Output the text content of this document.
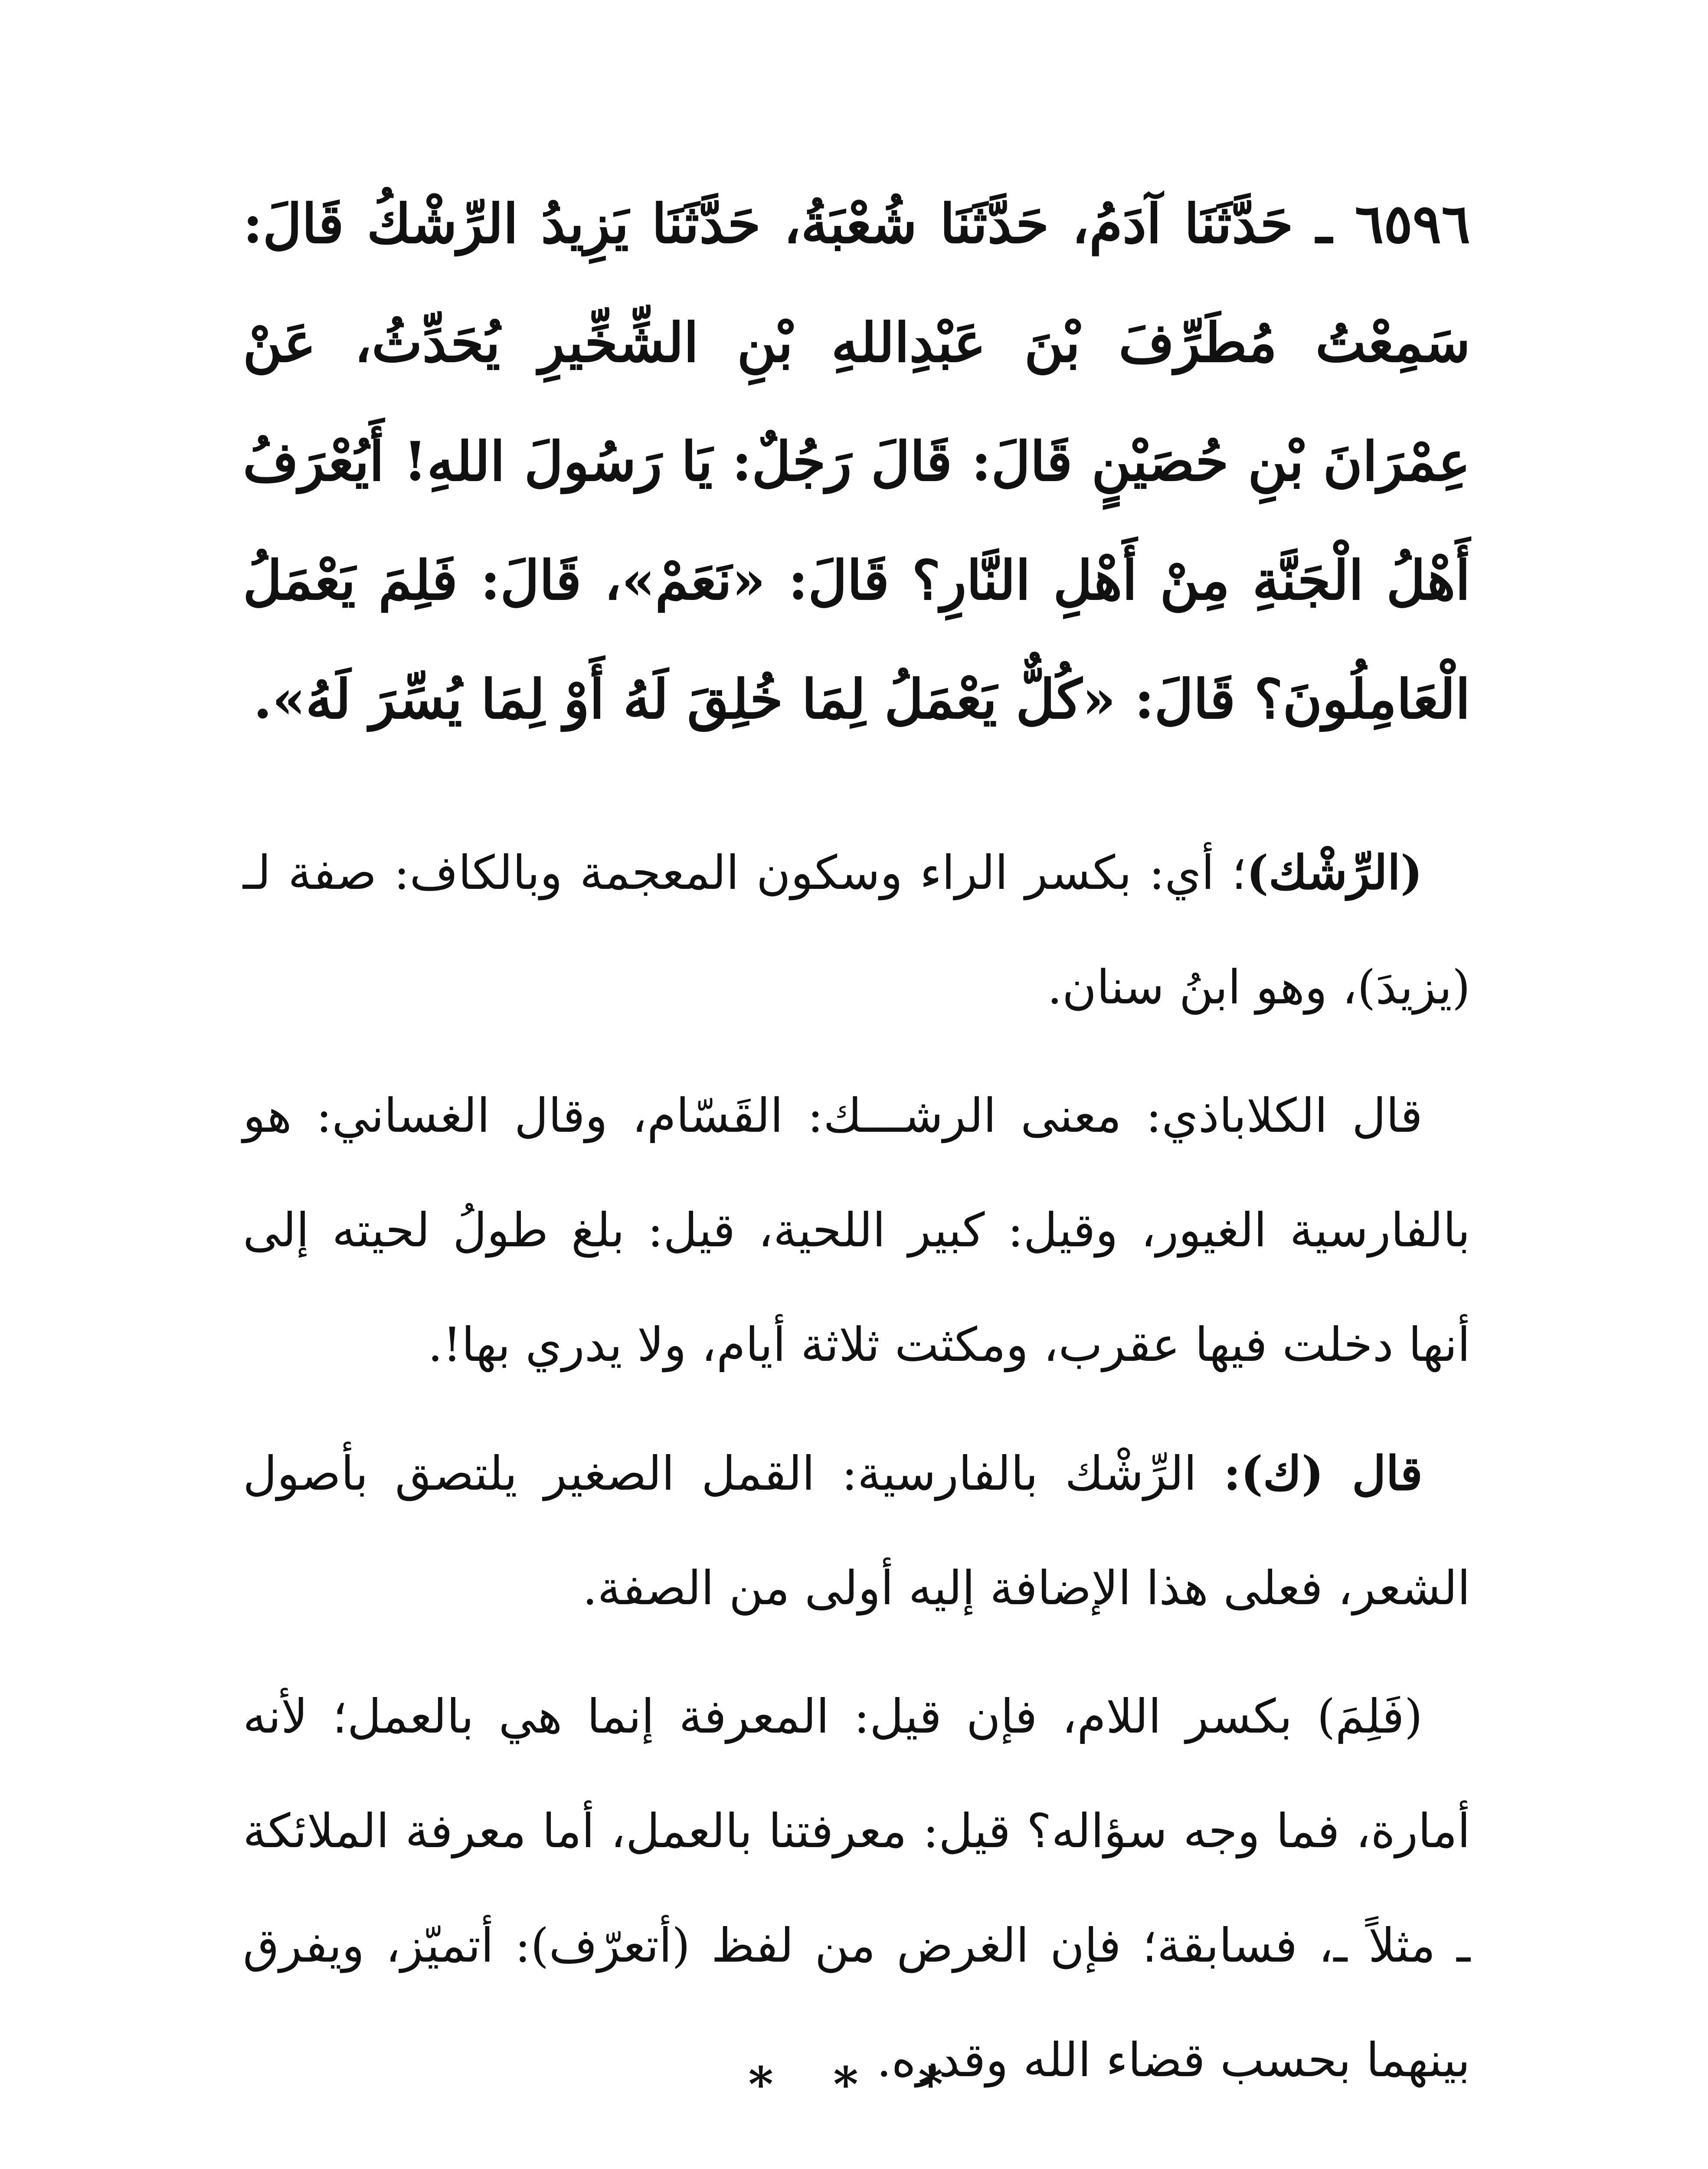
٦٥٩٦ ـ حَدَّثَنَا آدَمُ، حَدَّثَنَا شُعْبَةُ، حَدَّثَنَا يَزِيدُ الرِّشْكُ قَالَ: سَمِعْتُ مُطَرِّفَ بْنَ عَبْدِاللهِ بْنِ الشِّخِّيرِ يُحَدِّثُ، عَنْ عِمْرَانَ بْنِ حُصَيْنٍ قَالَ: قَالَ رَجُلٌ: يَا رَسُولَ اللهِ! أَيُعْرَفُ أَهْلُ الْجَنَّةِ مِنْ أَهْلِ النَّارِ؟ قَالَ: «نَعَمْ»، قَالَ: فَلِمَ يَعْمَلُ الْعَامِلُونَ؟ قَالَ: «كُلٌّ يَعْمَلُ لِمَا خُلِقَ لَهُ أَوْ لِمَا يُسِّرَ لَهُ».

(الرِّشْك)؛ أي: بكسر الراء وسكون المعجمة وبالكاف: صفة لـ (يزيدَ)، وهو ابنُ سنان.

قال الكلاباذي: معنى الرشـــك: القَسّام، وقال الغساني: هو بالفارسية الغيور، وقيل: كبير اللحية، قيل: بلغ طولُ لحيته إلى أنها دخلت فيها عقرب، ومكثت ثلاثة أيام، ولا يدري بها!.

قال (ك): الرِّشْك بالفارسية: القمل الصغير يلتصق بأصول الشعر، فعلى هذا الإضافة إليه أولى من الصفة.

(فَلِمَ) بكسر اللام، فإن قيل: المعرفة إنما هي بالعمل؛ لأنه أمارة، فما وجه سؤاله؟ قيل: معرفتنا بالعمل، أما معرفة الملائكة ـ مثلاً ـ، فسابقة؛ فإن الغرض من لفظ (أتعرّف): أتميّز، ويفرق بينهما بحسب قضاء الله وقدره.

* * *
